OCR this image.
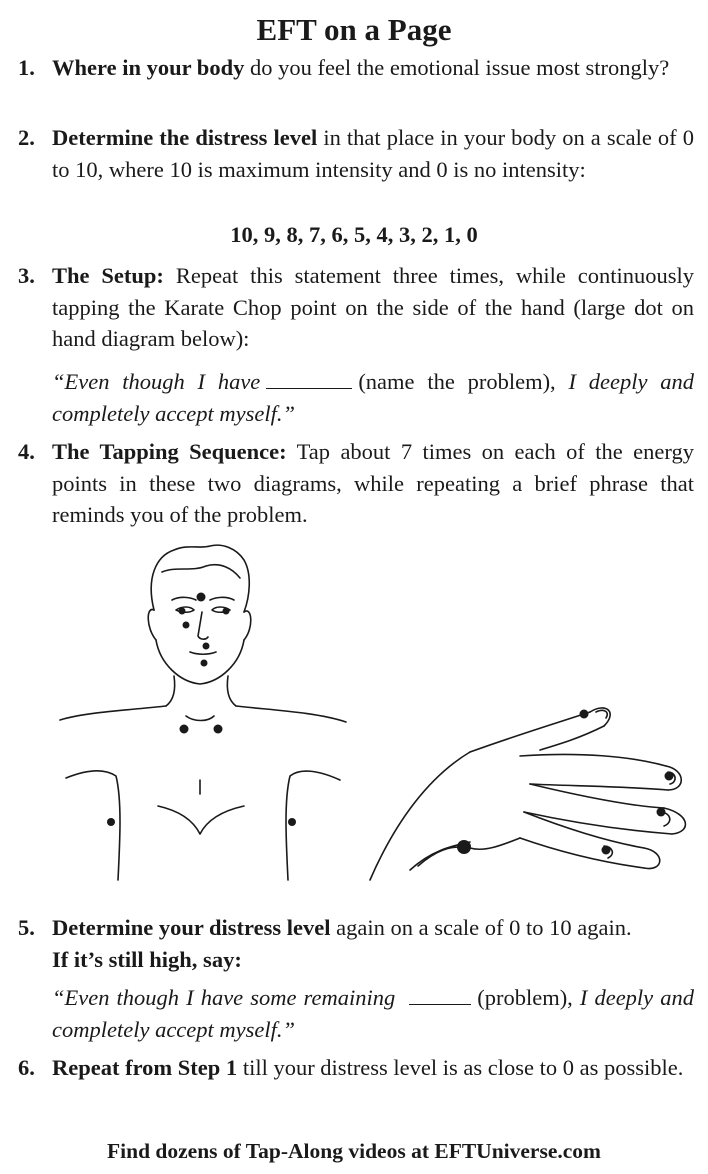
EFT on a Page
1. Where in your body do you feel the emotional issue most strongly?
2. Determine the distress level in that place in your body on a scale of 0 to 10, where 10 is maximum intensity and 0 is no intensity:
10, 9, 8, 7, 6, 5, 4, 3, 2, 1, 0
3. The Setup: Repeat this statement three times, while continuously tapping the Karate Chop point on the side of the hand (large dot on hand diagram below):
“Even though I have	(name the problem), I deeply and completely accept myself.”
4. The Tapping Sequence: Tap about 7 times on each of the energy points in these two diagrams, while repeating a brief phrase that reminds you of the problem.
5. Determine your distress level again on a scale of 0 to 10 again.
If it’s still high, say:
“Even though I have some remaining	(problem), I deeply and completely accept myself.”
6. Repeat from Step 1 till your distress level is as close to 0 as possible.
Find dozens of Tap-Along videos at EFTUniverse.com
